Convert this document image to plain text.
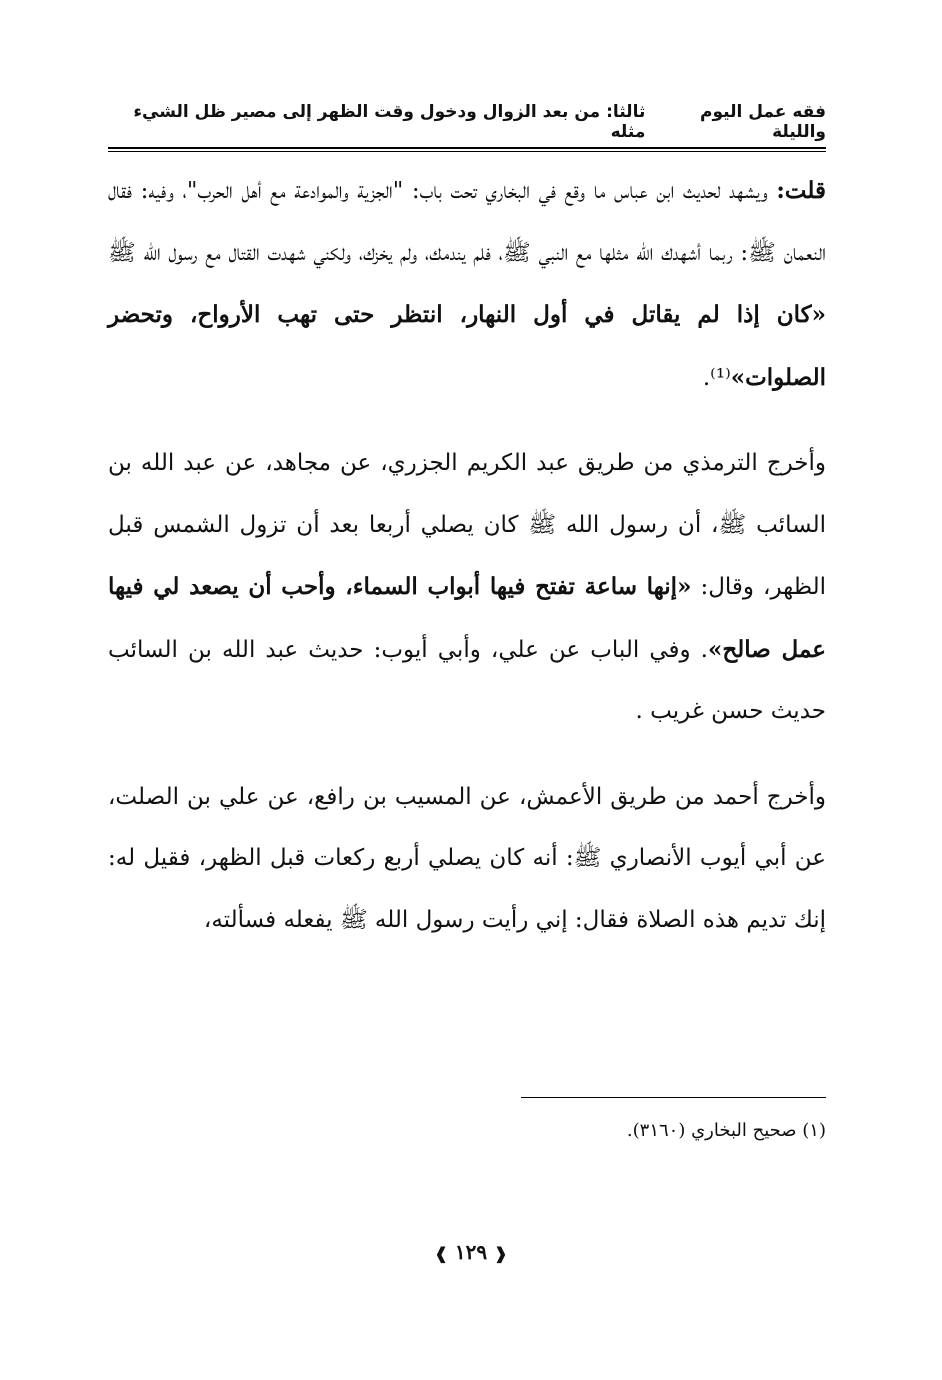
فقه عمل اليوم والليلة
ثالثا: من بعد الزوال ودخول وقت الظهر إلى مصير ظل الشيء مثله

قلت: ويشهد لحديث ابن عباس ما وقع في البخاري تحت باب: "الجزية والموادعة مع أهل الحرب"، وفيه: فقال النعمان ﷺ: ربما أشهدك الله مثلها مع النبي ﷺ، فلم يندمك، ولم يخزك، ولكني شهدت القتال مع رسول الله ﷺ «كان إذا لم يقاتل في أول النهار، انتظر حتى تهب الأرواح، وتحضر الصلوات»⁽¹⁾.

وأخرج الترمذي من طريق عبد الكريم الجزري، عن مجاهد، عن عبد الله بن السائب ﷺ، أن رسول الله ﷺ كان يصلي أربعا بعد أن تزول الشمس قبل الظهر، وقال: «إنها ساعة تفتح فيها أبواب السماء، وأحب أن يصعد لي فيها عمل صالح». وفي الباب عن علي، وأبي أيوب: حديث عبد الله بن السائب حديث حسن غريب .

وأخرج أحمد من طريق الأعمش، عن المسيب بن رافع، عن علي بن الصلت، عن أبي أيوب الأنصاري ﷺ: أنه كان يصلي أربع ركعات قبل الظهر، فقيل له: إنك تديم هذه الصلاة فقال: إني رأيت رسول الله ﷺ يفعله فسألته،

(١) صحيح البخاري (٣١٦٠).
❰ ١٢٩ ❱
